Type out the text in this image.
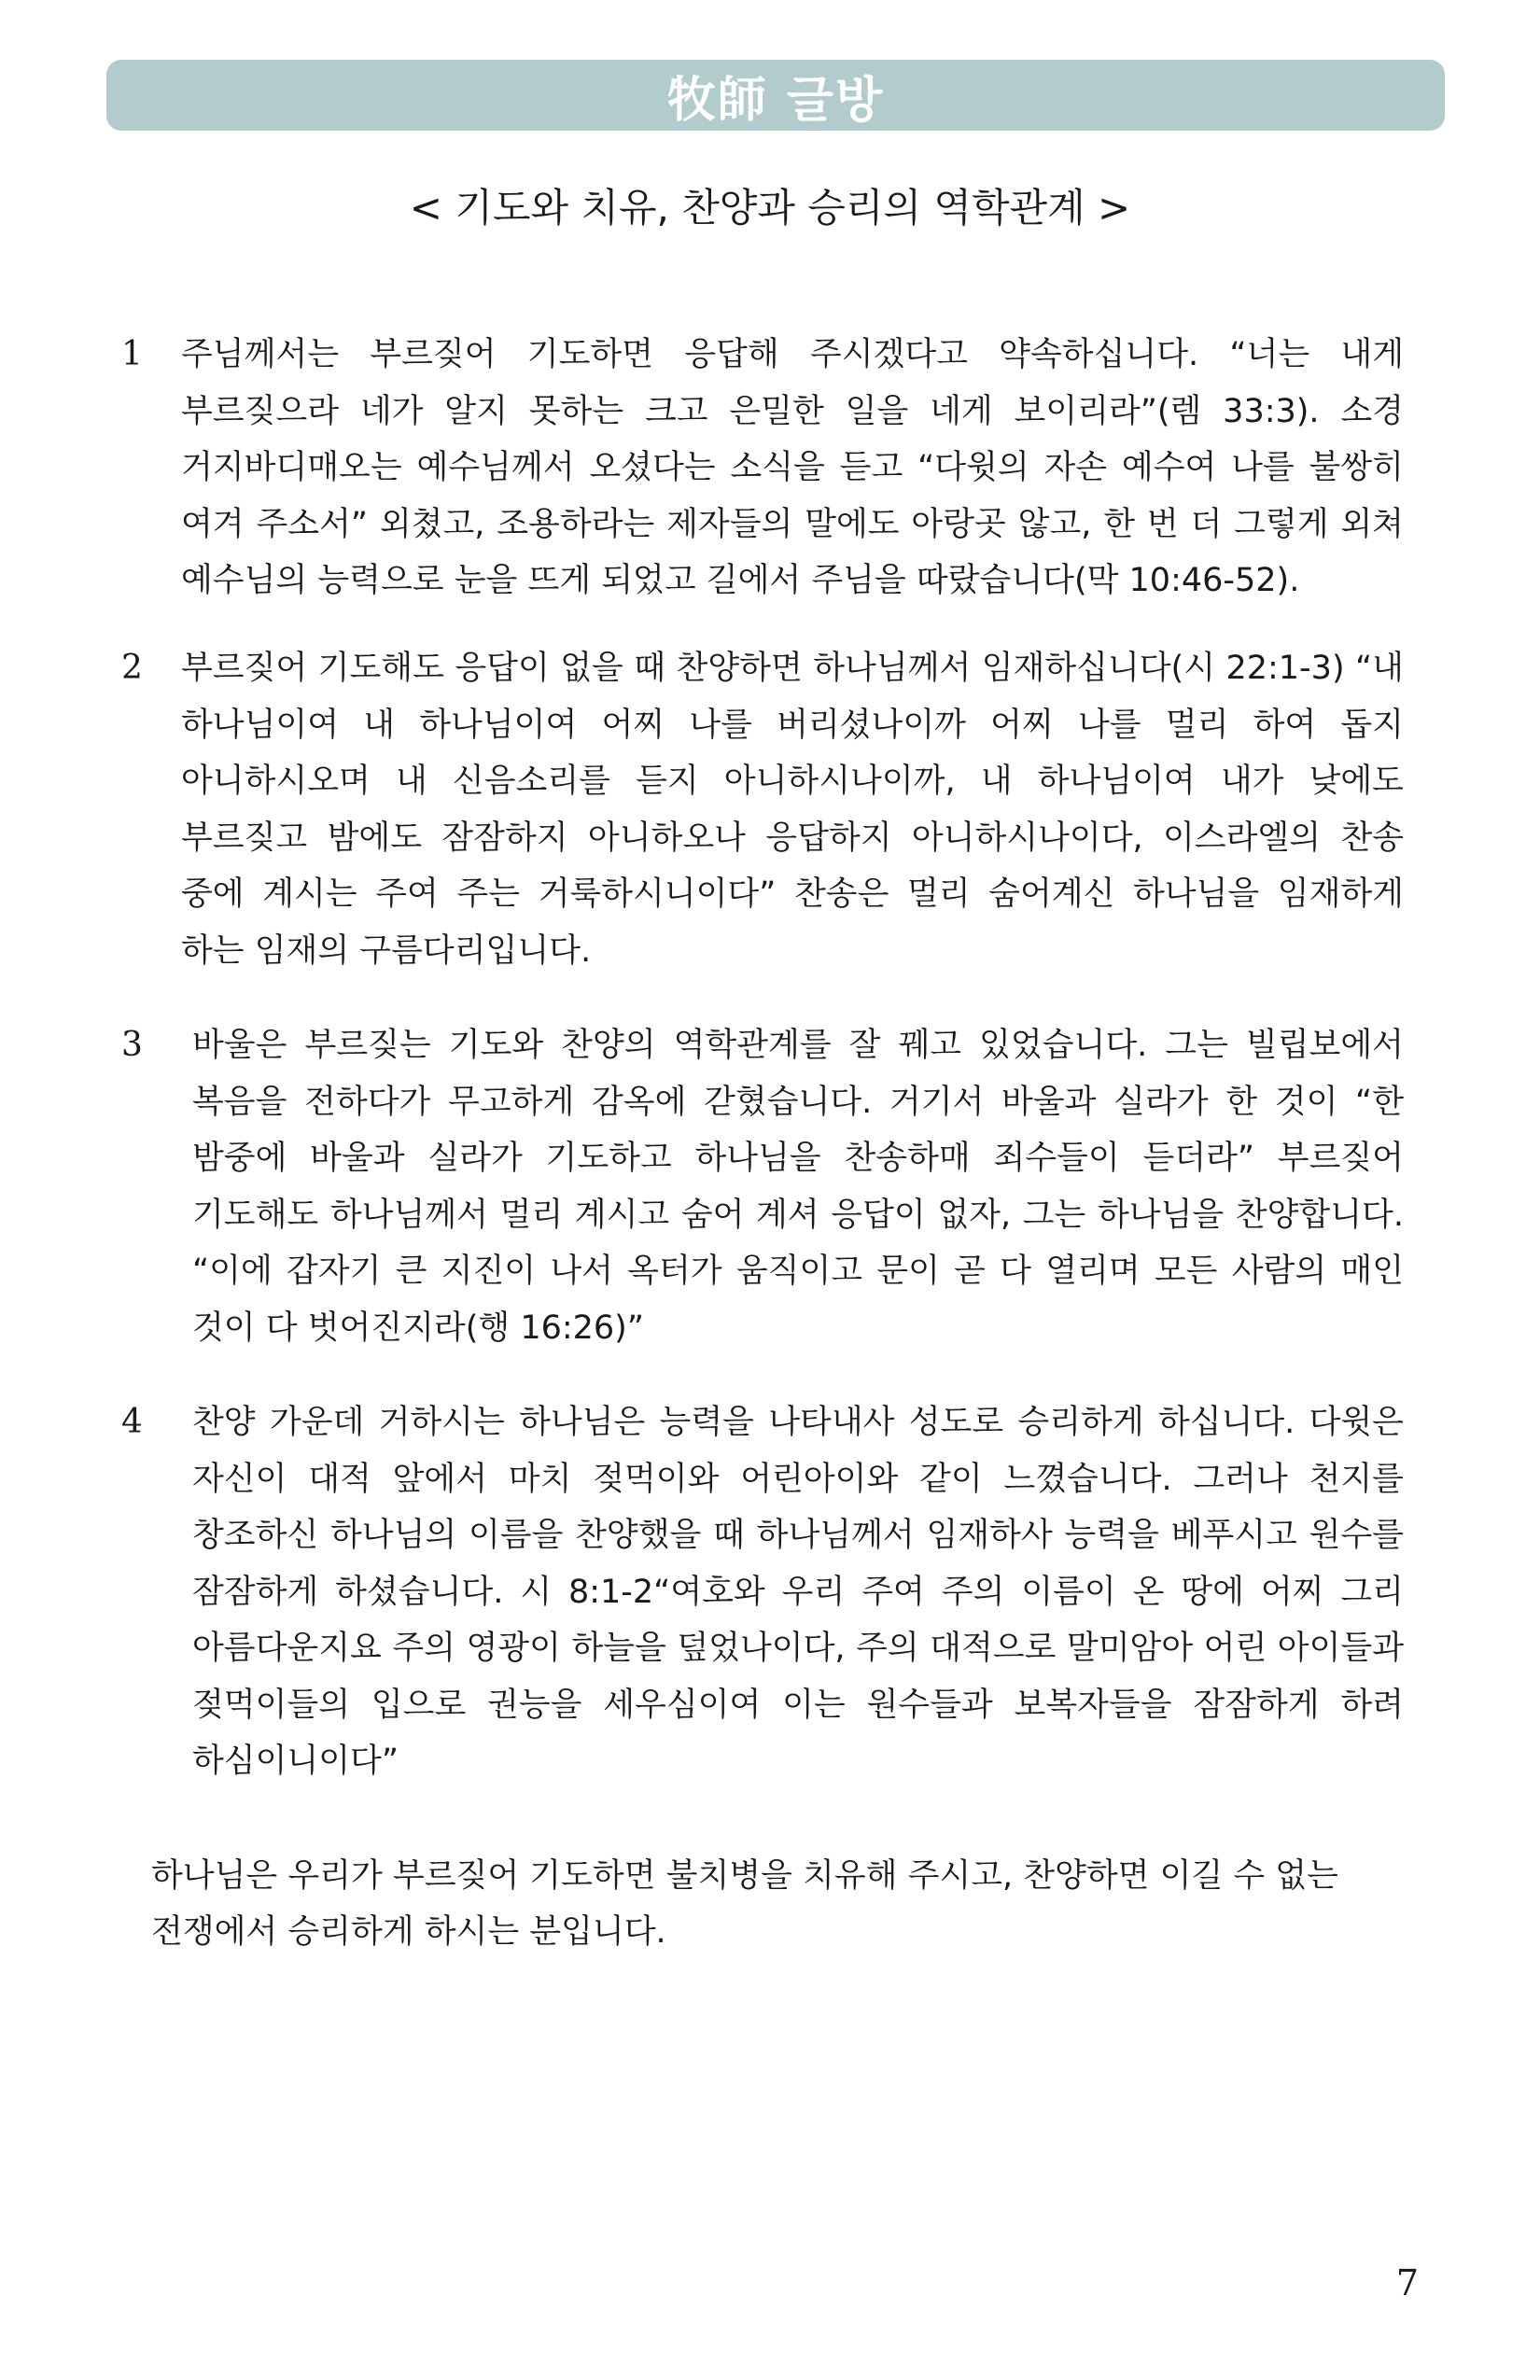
牧師 글방
< 기도와 치유, 찬양과 승리의 역학관계 >
1 주님께서는 부르짖어 기도하면 응답해 주시겠다고 약속하십니다. “너는 내게 부르짖으라 네가 알지 못하는 크고 은밀한 일을 네게 보이리라”(렘 33:3). 소경 거지바디매오는 예수님께서 오셨다는 소식을 듣고 “다윗의 자손 예수여 나를 불쌍히 여겨 주소서” 외쳤고, 조용하라는 제자들의 말에도 아랑곳 않고, 한 번 더 그렇게 외쳐 예수님의 능력으로 눈을 뜨게 되었고 길에서 주님을 따랐습니다(막 10:46-52).
2 부르짖어 기도해도 응답이 없을 때 찬양하면 하나님께서 임재하십니다(시 22:1-3) “내 하나님이여 내 하나님이여 어찌 나를 버리셨나이까 어찌 나를 멀리 하여 돕지 아니하시오며 내 신음소리를 듣지 아니하시나이까, 내 하나님이여 내가 낮에도 부르짖고 밤에도 잠잠하지 아니하오나 응답하지 아니하시나이다, 이스라엘의 찬송 중에 계시는 주여 주는 거룩하시니이다” 찬송은 멀리 숨어계신 하나님을 임재하게 하는 임재의 구름다리입니다.
3 바울은 부르짖는 기도와 찬양의 역학관계를 잘 꿰고 있었습니다. 그는 빌립보에서 복음을 전하다가 무고하게 감옥에 갇혔습니다. 거기서 바울과 실라가 한 것이 “한 밤중에 바울과 실라가 기도하고 하나님을 찬송하매 죄수들이 듣더라” 부르짖어 기도해도 하나님께서 멀리 계시고 숨어 계셔 응답이 없자, 그는 하나님을 찬양합니다. “이에 갑자기 큰 지진이 나서 옥터가 움직이고 문이 곧 다 열리며 모든 사람의 매인 것이 다 벗어진지라(행 16:26)”
4 찬양 가운데 거하시는 하나님은 능력을 나타내사 성도로 승리하게 하십니다. 다윗은 자신이 대적 앞에서 마치 젖먹이와 어린아이와 같이 느꼈습니다. 그러나 천지를 창조하신 하나님의 이름을 찬양했을 때 하나님께서 임재하사 능력을 베푸시고 원수를 잠잠하게 하셨습니다. 시 8:1-2“여호와 우리 주여 주의 이름이 온 땅에 어찌 그리 아름다운지요 주의 영광이 하늘을 덮었나이다, 주의 대적으로 말미암아 어린 아이들과 젖먹이들의 입으로 권능을 세우심이여 이는 원수들과 보복자들을 잠잠하게 하려 하심이니이다”
하나님은 우리가 부르짖어 기도하면 불치병을 치유해 주시고, 찬양하면 이길 수 없는 전쟁에서 승리하게 하시는 분입니다.
7
